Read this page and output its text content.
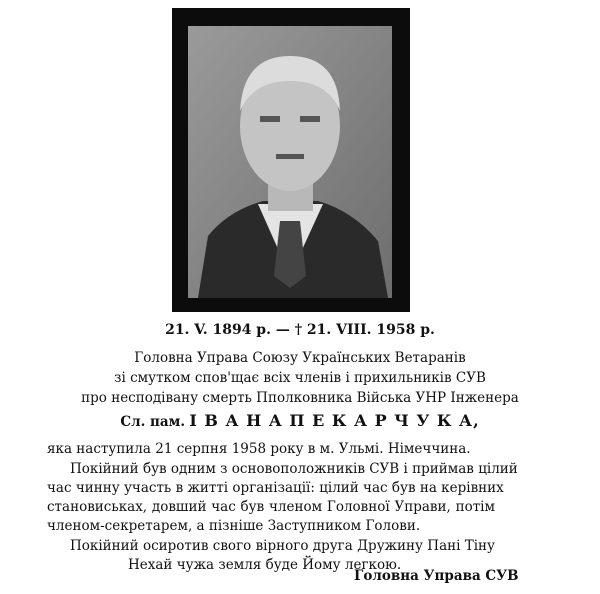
21. V. 1894 р. — † 21. VIII. 1958 р.
Головна Управа Союзу Українських Ветаранів
зі смутком спов'щає всіх членів і прихильників СУВ
про несподівану смерть Пполковника Війська УНР Інженера
Сл. пам. І В А Н А П Е К А Р Ч У К А,
яка наступила 21 серпня 1958 року в м. Ульмі. Німеччина.
Покійний був одним з основоположників СУВ і приймав цілий
час чинну участь в житті організації: цілий час був на керівних
становиськах, довший час був членом Головної Управи, потім
членом-секретарем, а пізніше Заступником Голови.
Покійний осиротив свого вірного друга Дружину Пані Тіну
Нехай чужа земля буде Йому легкою.
Головна Управа СУВ
